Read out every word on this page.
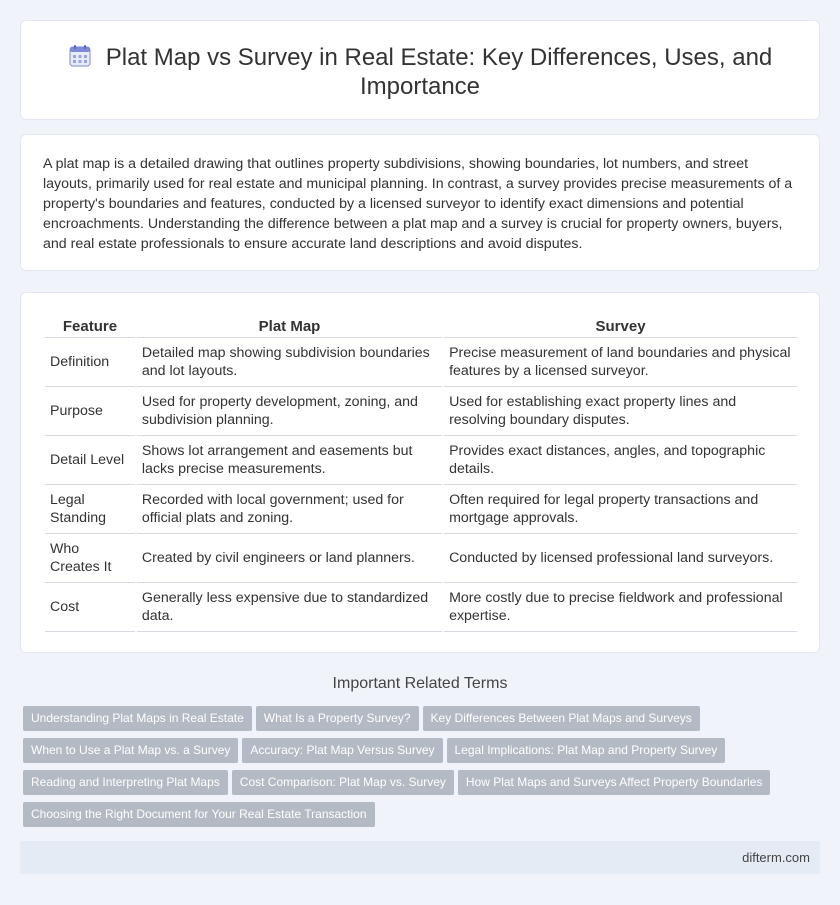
Plat Map vs Survey in Real Estate: Key Differences, Uses, and Importance

A plat map is a detailed drawing that outlines property subdivisions, showing boundaries, lot numbers, and street layouts, primarily used for real estate and municipal planning. In contrast, a survey provides precise measurements of a property's boundaries and features, conducted by a licensed surveyor to identify exact dimensions and potential encroachments. Understanding the difference between a plat map and a survey is crucial for property owners, buyers, and real estate professionals to ensure accurate land descriptions and avoid disputes.

Feature	Plat Map	Survey
Definition	Detailed map showing subdivision boundaries and lot layouts.	Precise measurement of land boundaries and physical features by a licensed surveyor.
Purpose	Used for property development, zoning, and subdivision planning.	Used for establishing exact property lines and resolving boundary disputes.
Detail Level	Shows lot arrangement and easements but lacks precise measurements.	Provides exact distances, angles, and topographic details.
Legal Standing	Recorded with local government; used for official plats and zoning.	Often required for legal property transactions and mortgage approvals.
Who Creates It	Created by civil engineers or land planners.	Conducted by licensed professional land surveyors.
Cost	Generally less expensive due to standardized data.	More costly due to precise fieldwork and professional expertise.
Important Related Terms
Understanding Plat Maps in Real Estate What Is a Property Survey? Key Differences Between Plat Maps and Surveys
When to Use a Plat Map vs. a Survey Accuracy: Plat Map Versus Survey Legal Implications: Plat Map and Property Survey
Reading and Interpreting Plat Maps Cost Comparison: Plat Map vs. Survey How Plat Maps and Surveys Affect Property Boundaries
Choosing the Right Document for Your Real Estate Transaction
difterm.com
